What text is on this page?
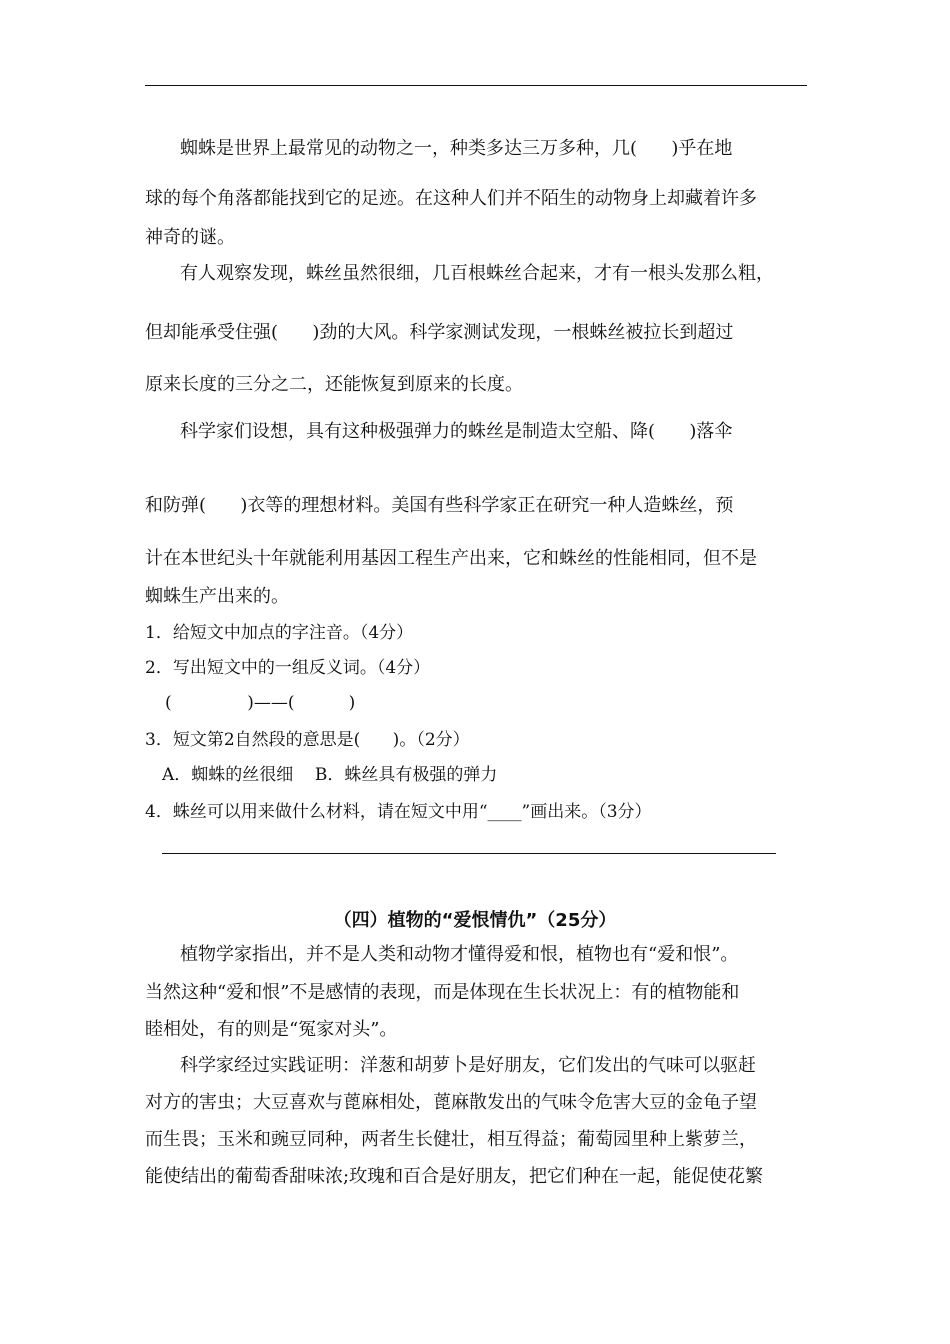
蜘蛛是世界上最常见的动物之一，种类多达三万多种，几(      )乎在地
球的每个角落都能找到它的足迹。在这种人们并不陌生的动物身上却藏着许多
神奇的谜。
有人观察发现，蛛丝虽然很细，几百根蛛丝合起来，才有一根头发那么粗，
但却能承受住强(      )劲的大风。科学家测试发现，一根蛛丝被拉长到超过
原来长度的三分之二，还能恢复到原来的长度。
科学家们设想，具有这种极强弹力的蛛丝是制造太空船、降(      )落伞
和防弹(      )衣等的理想材料。美国有些科学家正在研究一种人造蛛丝，预
计在本世纪头十年就能利用基因工程生产出来，它和蛛丝的性能相同，但不是
蜘蛛生产出来的。
1．给短文中加点的字注音。（4分）
2．写出短文中的一组反义词。（4分）
(              )——(          )
3．短文第2自然段的意思是(      )。（2分）
A．蜘蛛的丝很细    B．蛛丝具有极强的弹力
4．蛛丝可以用来做什么材料，请在短文中用“____”画出来。（3分）
（四）植物的“爱恨情仇”（25分）
植物学家指出，并不是人类和动物才懂得爱和恨，植物也有“爱和恨”。
当然这种“爱和恨”不是感情的表现，而是体现在生长状况上：有的植物能和
睦相处，有的则是“冤家对头”。
科学家经过实践证明：洋葱和胡萝卜是好朋友，它们发出的气味可以驱赶
对方的害虫；大豆喜欢与蓖麻相处，蓖麻散发出的气味令危害大豆的金龟子望
而生畏；玉米和豌豆同种，两者生长健壮，相互得益；葡萄园里种上紫萝兰，
能使结出的葡萄香甜味浓;玫瑰和百合是好朋友，把它们种在一起，能促使花繁
